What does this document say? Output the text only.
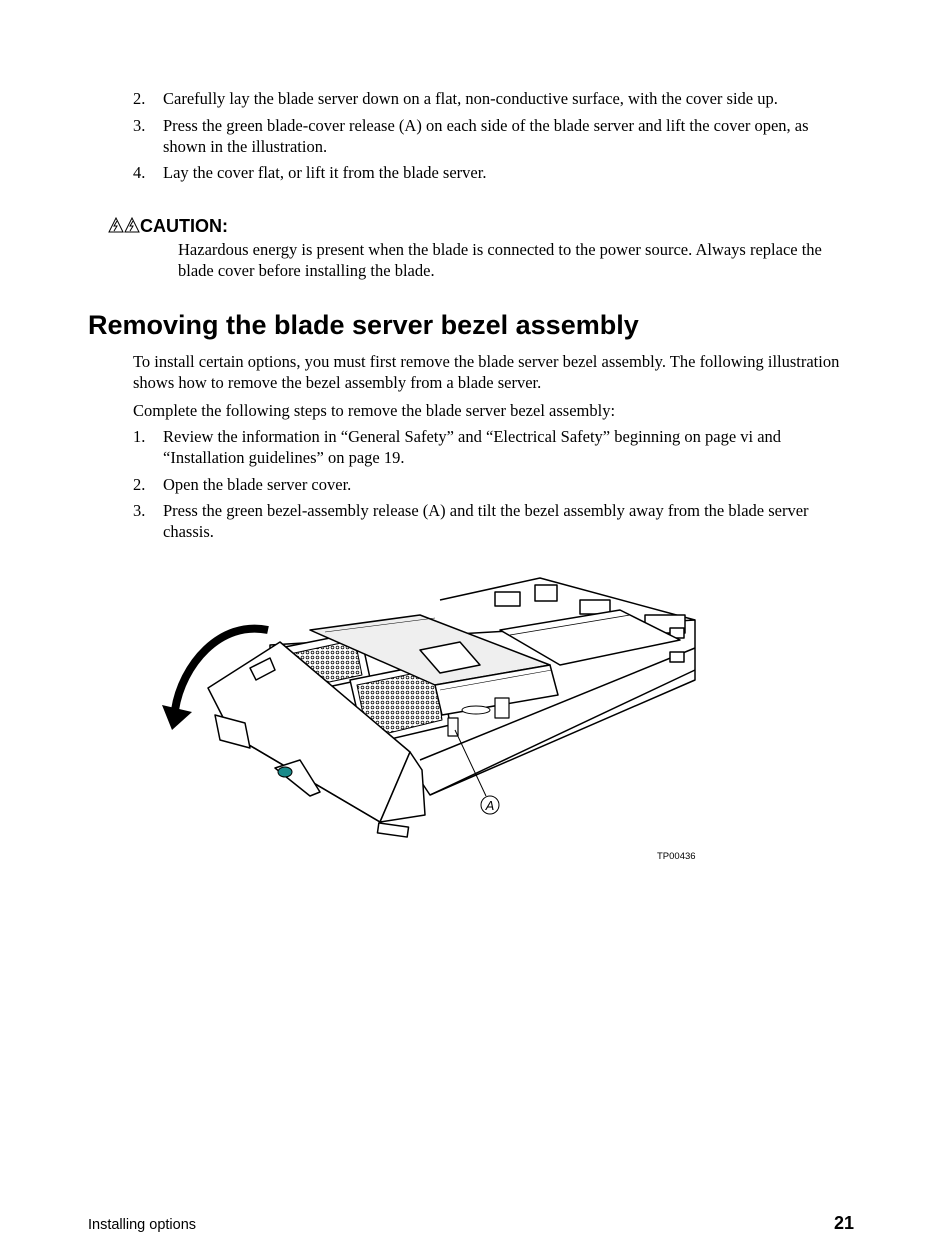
2.	Carefully lay the blade server down on a flat, non-conductive surface, with the cover side up.
3.	Press the green blade-cover release (A) on each side of the blade server and lift the cover open, as shown in the illustration.
4.	Lay the cover flat, or lift it from the blade server.
CAUTION:
Hazardous energy is present when the blade is connected to the power source. Always replace the blade cover before installing the blade.
Removing the blade server bezel assembly
To install certain options, you must first remove the blade server bezel assembly. The following illustration shows how to remove the bezel assembly from a blade server.
Complete the following steps to remove the blade server bezel assembly:
1.	Review the information in “General Safety” and “Electrical Safety” beginning on page vi and “Installation guidelines” on page 19.
2.	Open the blade server cover.
3.	Press the green bezel-assembly release (A) and tilt the bezel assembly away from the blade server chassis.
A
TP00436
Installing options	21
